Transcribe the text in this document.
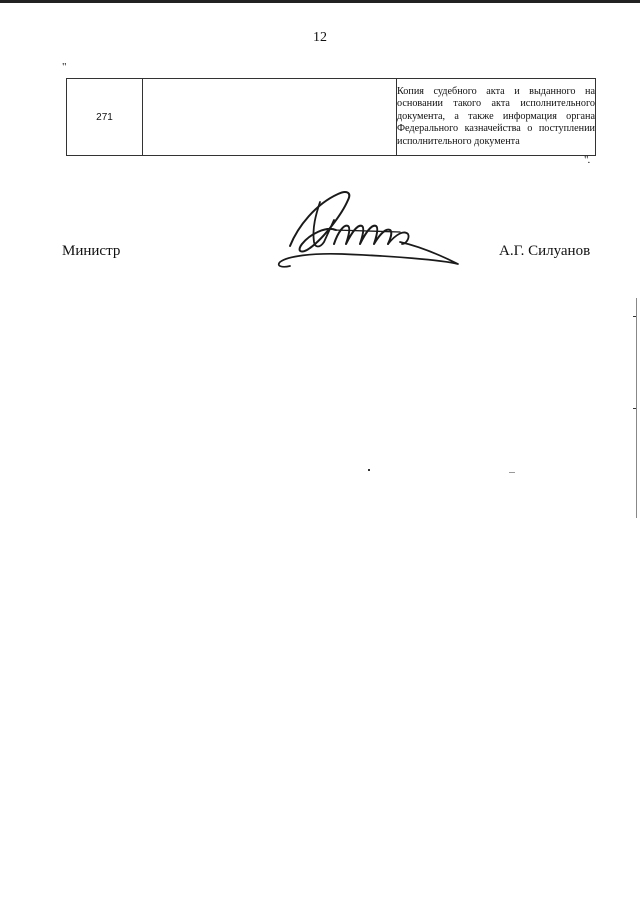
12
"
271		Копия судебного акта и выданного на основании такого акта исполнительного документа, а также информация органа Федерального казначейства о поступлении исполнительного документа
".
Министр	А.Г. Силуанов
